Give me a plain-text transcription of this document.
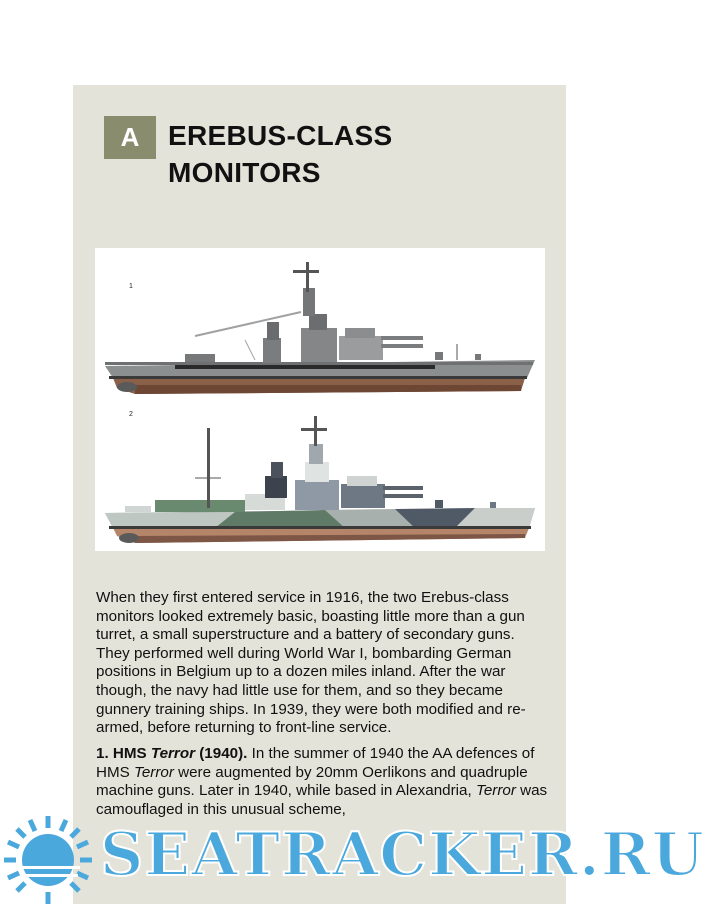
A	EREBUS-CLASS
MONITORS
1
2

When they first entered service in 1916, the two Erebus-class monitors looked extremely basic, boasting little more than a gun turret, a small superstructure and a battery of secondary guns. They performed well during World War I, bombarding German positions in Belgium up to a dozen miles inland. After the war though, the navy had little use for them, and so they became gunnery training ships. In 1939, they were both modified and re-armed, before returning to front-line service.

1. HMS Terror (1940). In the summer of 1940 the AA defences of HMS Terror were augmented by 20mm Oerlikons and quadruple machine guns. Later in 1940, while based in Alexandria, Terror was camouflaged in this unusual scheme,

SEATRACKER.RU
